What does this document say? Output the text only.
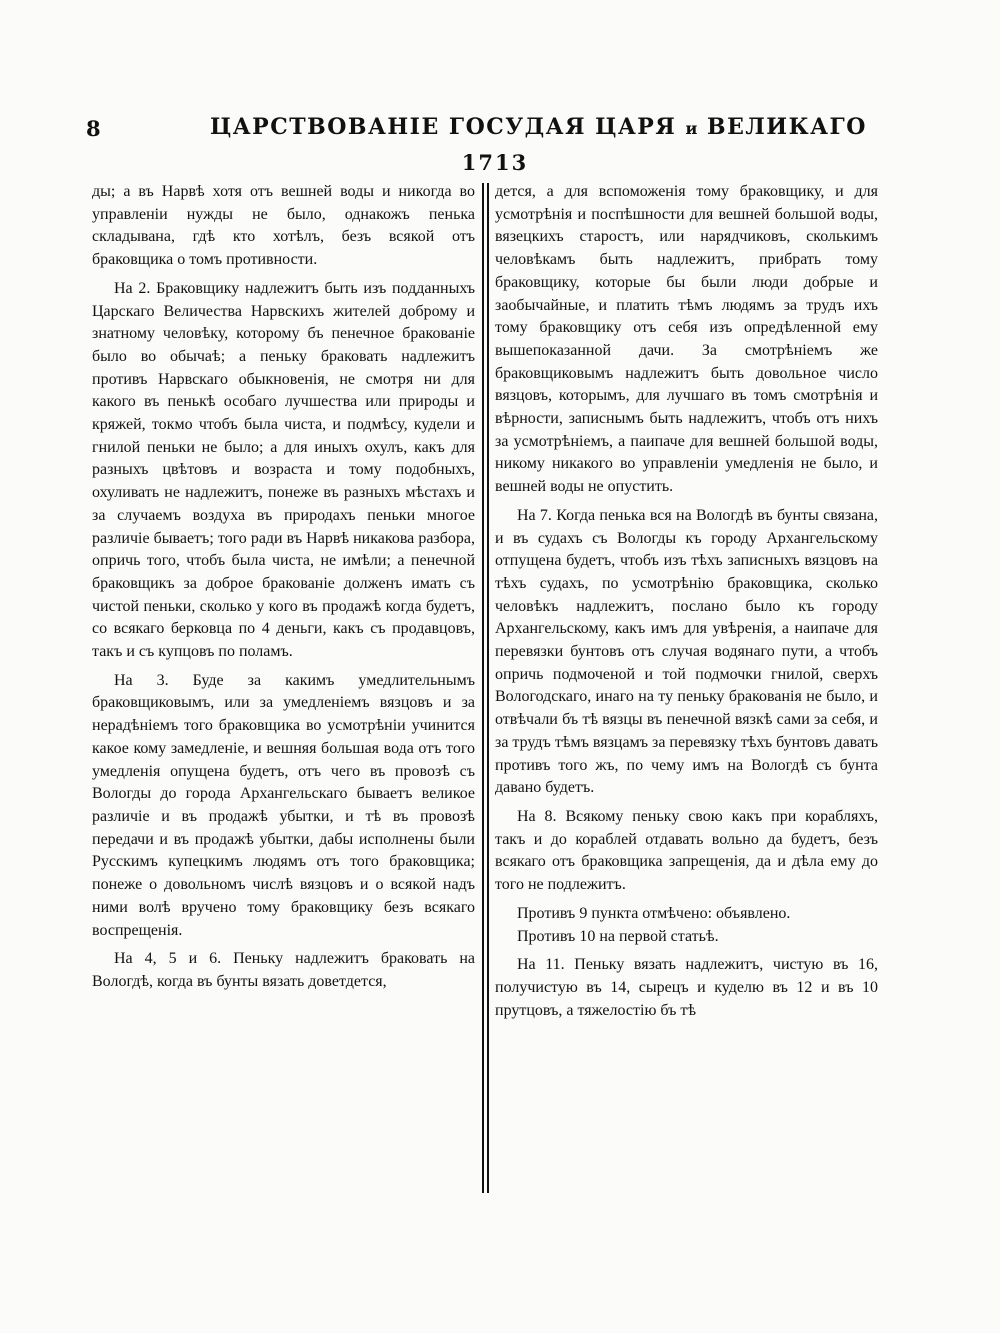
8	ЦАРСТВОВАНІЕ ГОСУДАЯ ЦАРЯ и ВЕЛИКАГО
1713

ды; а въ Нарвѣ хотя отъ вешней воды и никогда во управленіи нужды не было, однакожъ пенька складывана, гдѣ кто хотѣлъ, безъ всякой отъ браковщика о томъ противности.

На 2. Браковщику надлежитъ быть изъ подданныхъ Царскаго Величества Нарвскихъ жителей доброму и знатному человѣку, которому бъ пенечное бракованіе было во обычаѣ; а пеньку браковать надлежитъ противъ Нарвскаго обыкновенія, не смотря ни для какого въ пенькѣ особаго лучшества или природы и кряжей, токмо чтобъ была чиста, и подмѣсу, кудели и гнилой пеньки не было; а для иныхъ охулъ, какъ для разныхъ цвѣтовъ и возраста и тому подобныхъ, охуливать не надлежитъ, понеже въ разныхъ мѣстахъ и за случаемъ воздуха въ природахъ пеньки многое различіе бываетъ; того ради въ Нарвѣ никакова разбора, опричь того, чтобъ была чиста, не имѣли; а пенечной браковщикъ за доброе бракованіе долженъ имать съ чистой пеньки, сколько у кого въ продажѣ когда будетъ, со всякаго берковца по 4 деньги, какъ съ продавцовъ, такъ и съ купцовъ по поламъ.

На 3. Буде за какимъ умедлительнымъ браковщиковымъ, или за умедленіемъ вязцовъ и за нерадѣніемъ того браковщика во усмотрѣніи учинится какое кому замедленіе, и вешняя большая вода отъ того умедленія опущена будетъ, отъ чего въ провозѣ съ Вологды до города Архангельскаго бываетъ великое различіе и въ продажѣ убытки, и тѣ въ провозѣ передачи и въ продажѣ убытки, дабы исполнены были Русскимъ купецкимъ людямъ отъ того браковщика; понеже о довольномъ числѣ вязцовъ и о всякой надъ ними волѣ вручено тому браковщику безъ всякаго воспрещенія.

На 4, 5 и 6. Пеньку надлежитъ браковать на Вологдѣ, когда въ бунты вязать доветдется,

дется, а для вспоможенія тому браковщику, и для усмотрѣнія и поспѣшности для вешней большой воды, вязецкихъ старостъ, или нарядчиковъ, сколькимъ человѣкамъ быть надлежитъ, прибрать тому браковщику, которые бы были люди добрые и заобычайные, и платить тѣмъ людямъ за трудъ ихъ тому браковщику отъ себя изъ опредѣленной ему вышепоказанной дачи. За смотрѣніемъ же браковщиковымъ надлежитъ быть довольное число вязцовъ, которымъ, для лучшаго въ томъ смотрѣнія и вѣрности, записнымъ быть надлежитъ, чтобъ отъ нихъ за усмотрѣніемъ, а паипаче для вешней большой воды, никому никакого во управленіи умедленія не было, и вешней воды не опустить.

На 7. Когда пенька вся на Вологдѣ въ бунты связана, и въ судахъ съ Вологды къ городу Архангельскому отпущена будетъ, чтобъ изъ тѣхъ записныхъ вязцовъ на тѣхъ судахъ, по усмотрѣнію браковщика, сколько человѣкъ надлежитъ, послано было къ городу Архангельскому, какъ имъ для увѣренія, а наипаче для перевязки бунтовъ отъ случая водянаго пути, а чтобъ опричь подмоченой и той подмочки гнилой, сверхъ Вологодскаго, инаго на ту пеньку бракованія не было, и отвѣчали бъ тѣ вязцы въ пенечной вязкѣ сами за себя, и за трудъ тѣмъ вязцамъ за перевязку тѣхъ бунтовъ давать противъ того жъ, по чему имъ на Вологдѣ съ бунта давано будетъ.

На 8. Всякому пеньку свою какъ при корабляхъ, такъ и до кораблей отдавать вольно да будетъ, безъ всякаго отъ браковщика запрещенія, да и дѣла ему до того не подлежитъ.

Противъ 9 пункта отмѣчено: объявлено.

Противъ 10 на первой статьѣ.

На 11. Пеньку вязать надлежитъ, чистую въ 16, получистую въ 14, сырецъ и куделю въ 12 и въ 10 прутцовъ, а тяжелостію бъ тѣ
